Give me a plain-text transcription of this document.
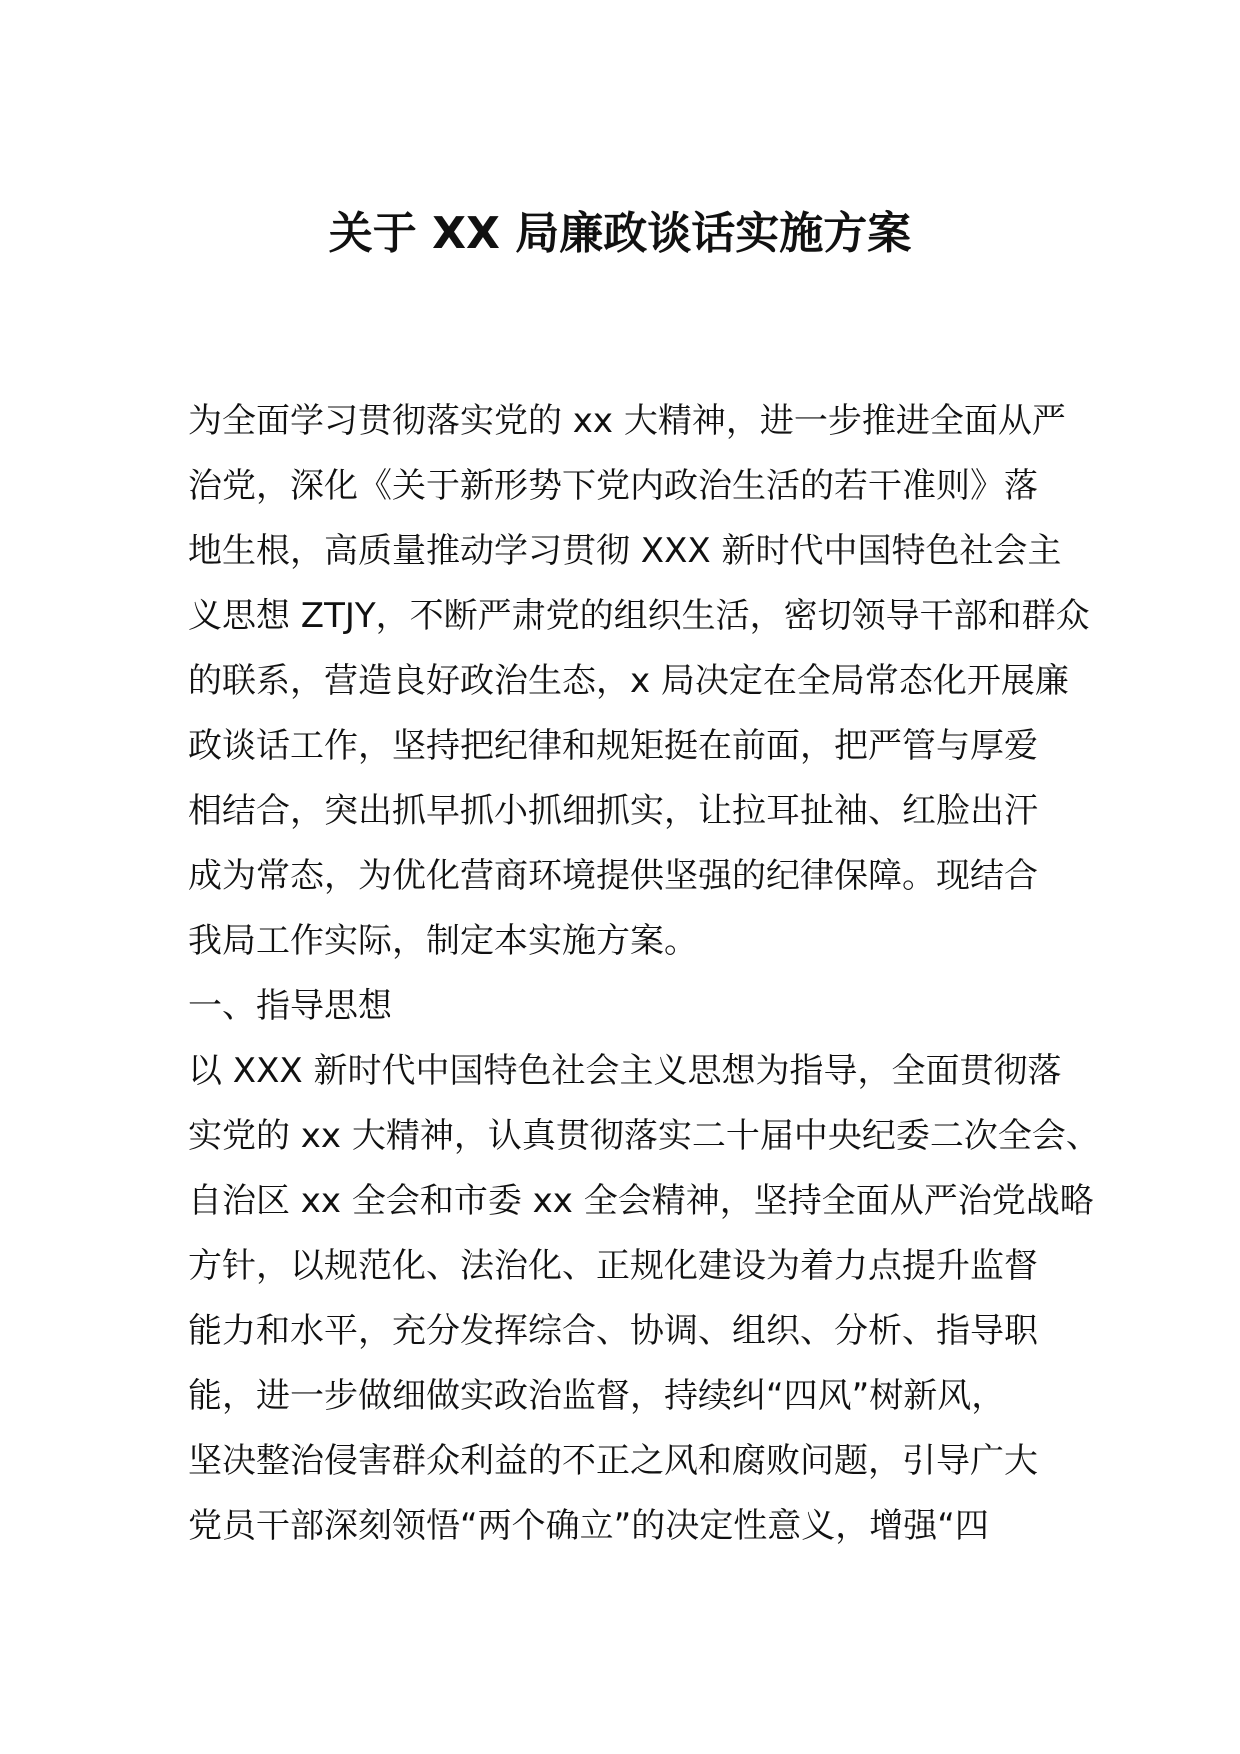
关于 XX 局廉政谈话实施方案
为全面学习贯彻落实党的 xx 大精神，进一步推进全面从严
治党，深化《关于新形势下党内政治生活的若干准则》落
地生根，高质量推动学习贯彻 XXX 新时代中国特色社会主
义思想 ZTJY，不断严肃党的组织生活，密切领导干部和群众
的联系，营造良好政治生态，x 局决定在全局常态化开展廉
政谈话工作，坚持把纪律和规矩挺在前面，把严管与厚爱
相结合，突出抓早抓小抓细抓实，让拉耳扯袖、红脸出汗
成为常态，为优化营商环境提供坚强的纪律保障。现结合
我局工作实际，制定本实施方案。
一、指导思想
以 XXX 新时代中国特色社会主义思想为指导，全面贯彻落
实党的 xx 大精神，认真贯彻落实二十届中央纪委二次全会、
自治区 xx 全会和市委 xx 全会精神，坚持全面从严治党战略
方针，以规范化、法治化、正规化建设为着力点提升监督
能力和水平，充分发挥综合、协调、组织、分析、指导职
能，进一步做细做实政治监督，持续纠“四风”树新风，
坚决整治侵害群众利益的不正之风和腐败问题，引导广大
党员干部深刻领悟“两个确立”的决定性意义，增强“四
